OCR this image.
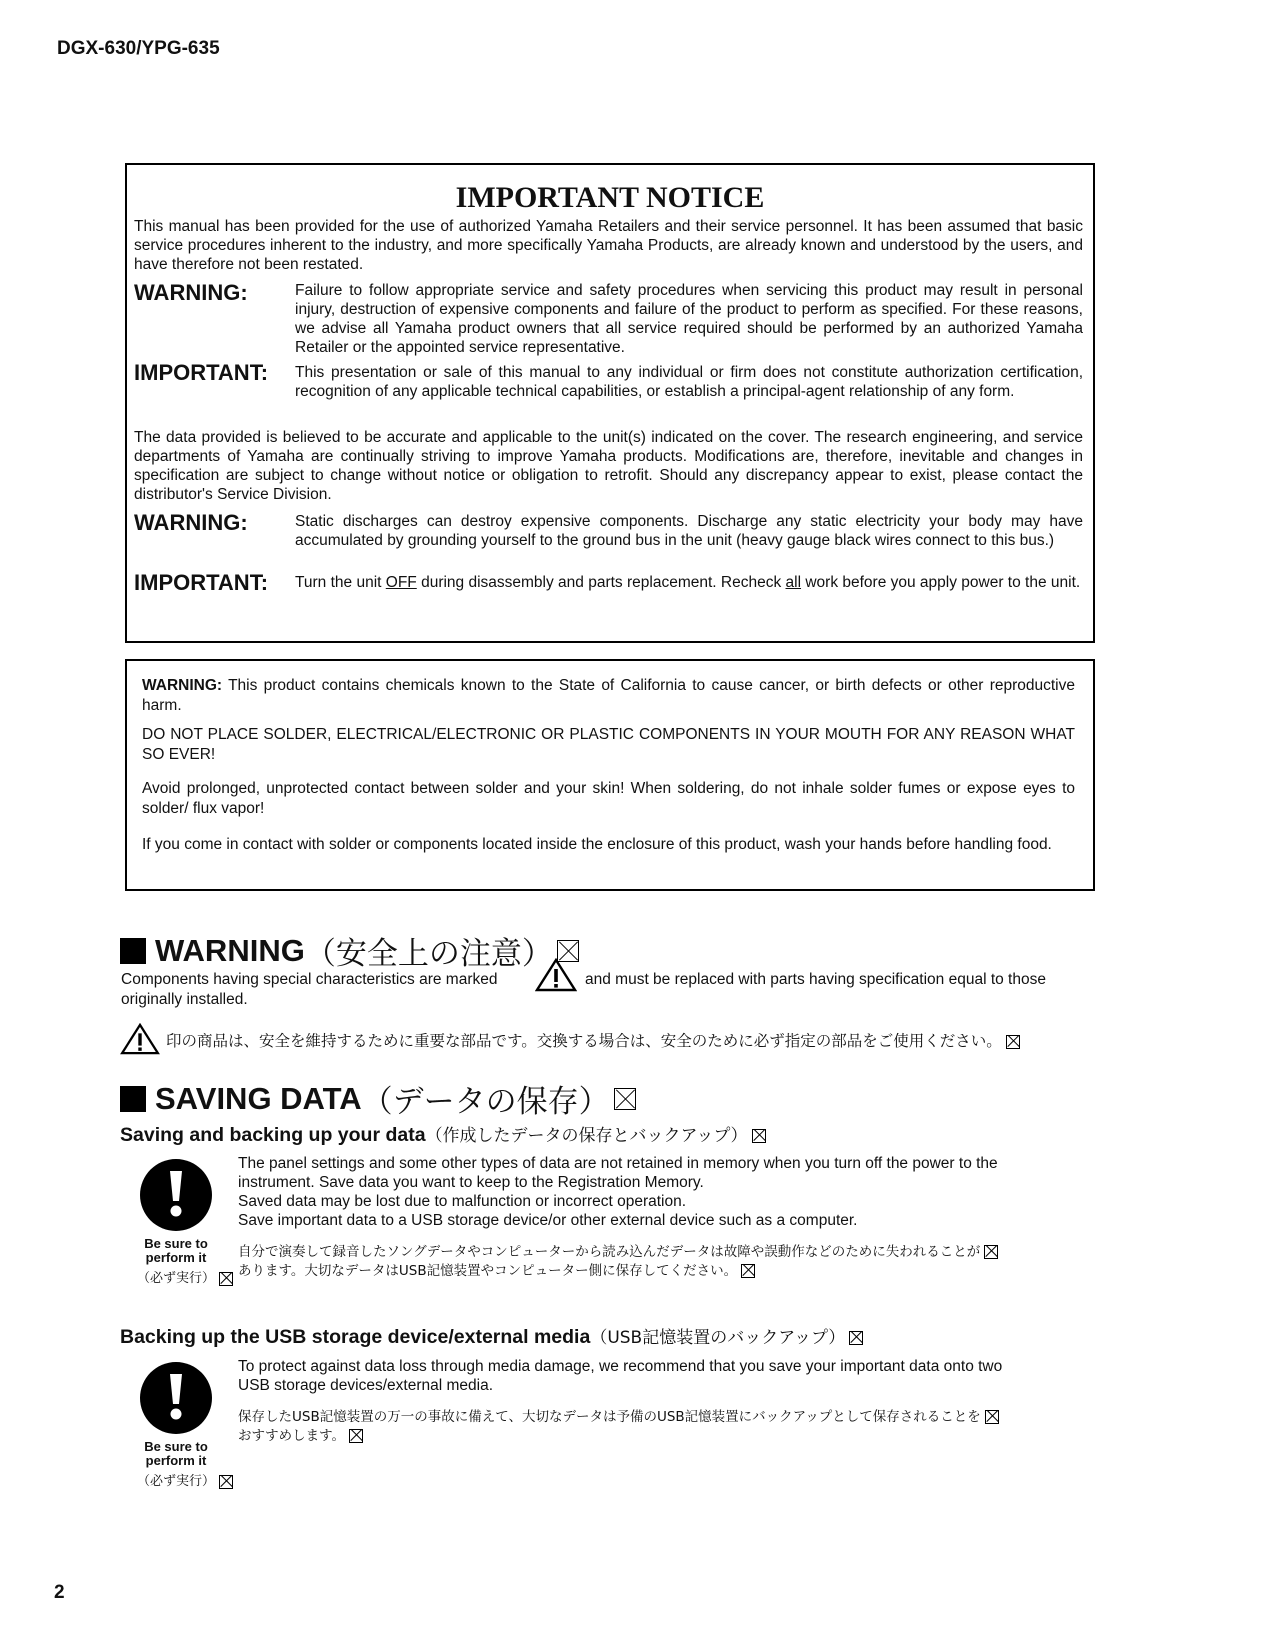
DGX-630/YPG-635
IMPORTANT NOTICE
This manual has been provided for the use of authorized Yamaha Retailers and their service personnel. It has been assumed that basic service procedures inherent to the industry, and more specifically Yamaha Products, are already known and understood by the users, and have therefore not been restated.
WARNING:	Failure to follow appropriate service and safety procedures when servicing this product may result in personal injury, destruction of expensive components and failure of the product to perform as specified. For these reasons, we advise all Yamaha product owners that all service required should be performed by an authorized Yamaha Retailer or the appointed service representative.
IMPORTANT: This presentation or sale of this manual to any individual or firm does not constitute authorization certification, recognition of any applicable technical capabilities, or establish a principal-agent relationship of any form.
The data provided is believed to be accurate and applicable to the unit(s) indicated on the cover. The research engineering, and service departments of Yamaha are continually striving to improve Yamaha products. Modifications are, therefore, inevitable and changes in specification are subject to change without notice or obligation to retrofit. Should any discrepancy appear to exist, please contact the distributor's Service Division.
WARNING:	Static discharges can destroy expensive components. Discharge any static electricity your body may have accumulated by grounding yourself to the ground bus in the unit (heavy gauge black wires connect to this bus.)
IMPORTANT: Turn the unit OFF during disassembly and parts replacement. Recheck all work before you apply power to the unit.
WARNING: This product contains chemicals known to the State of California to cause cancer, or birth defects or other reproductive harm.
DO NOT PLACE SOLDER, ELECTRICAL/ELECTRONIC OR PLASTIC COMPONENTS IN YOUR MOUTH FOR ANY REASON WHAT SO EVER!
Avoid prolonged, unprotected contact between solder and your skin! When soldering, do not inhale solder fumes or expose eyes to solder/ flux vapor!
If you come in contact with solder or components located inside the enclosure of this product, wash your hands before handling food.
WARNING （安全上の注意）
Components having special characteristics are marked	and must be replaced with parts having specification equal to those
originally installed.
印の商品は、安全を維持するために重要な部品です。交換する場合は、安全のために必ず指定の部品をご使用ください。
SAVING DATA （データの保存）
Saving and backing up your data（作成したデータの保存とバックアップ）
Be sure to
perform it
（必ず実行）
The panel settings and some other types of data are not retained in memory when you turn off the power to the
instrument. Save data you want to keep to the Registration Memory.
Saved data may be lost due to malfunction or incorrect operation.
Save important data to a USB storage device/or other external device such as a computer.
自分で演奏して録音したソングデータやコンピューターから読み込んだデータは故障や誤動作などのために失われることが
あります。大切なデータはUSB記憶装置やコンピューター側に保存してください。
Backing up the USB storage device/external media（USB記憶装置のバックアップ）
Be sure to
perform it
（必ず実行）
To protect against data loss through media damage, we recommend that you save your important data onto two
USB storage devices/external media.
保存したUSB記憶装置の万一の事故に備えて、大切なデータは予備のUSB記憶装置にバックアップとして保存されることを
おすすめします。
2
